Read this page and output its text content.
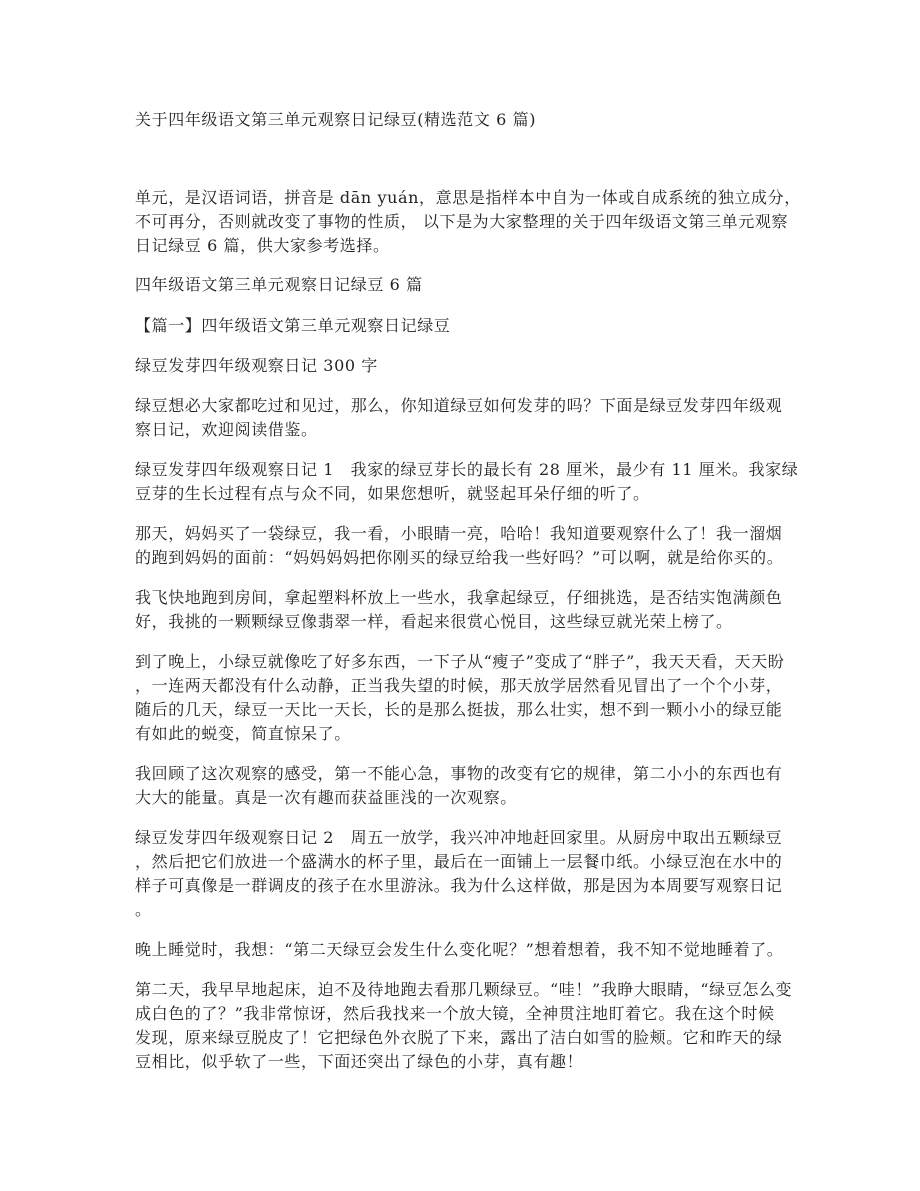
关于四年级语文第三单元观察日记绿豆(精选范文 6 篇)
单元，是汉语词语，拼音是 dān yuán，意思是指样本中自为一体或自成系统的独立成分，
不可再分，否则就改变了事物的性质， 以下是为大家整理的关于四年级语文第三单元观察
日记绿豆 6 篇，供大家参考选择。
四年级语文第三单元观察日记绿豆 6 篇
【篇一】四年级语文第三单元观察日记绿豆
绿豆发芽四年级观察日记 300 字
绿豆想必大家都吃过和见过，那么，你知道绿豆如何发芽的吗？下面是绿豆发芽四年级观
察日记，欢迎阅读借鉴。
绿豆发芽四年级观察日记 1　我家的绿豆芽长的最长有 28 厘米，最少有 11 厘米。我家绿
豆芽的生长过程有点与众不同，如果您想听，就竖起耳朵仔细的听了。
那天，妈妈买了一袋绿豆，我一看，小眼睛一亮，哈哈！我知道要观察什么了！我一溜烟
的跑到妈妈的面前：“妈妈妈妈把你刚买的绿豆给我一些好吗？”可以啊，就是给你买的。
我飞快地跑到房间，拿起塑料杯放上一些水，我拿起绿豆，仔细挑选，是否结实饱满颜色
好，我挑的一颗颗绿豆像翡翠一样，看起来很赏心悦目，这些绿豆就光荣上榜了。
到了晚上，小绿豆就像吃了好多东西，一下子从“瘦子”变成了“胖子”，我天天看，天天盼
，一连两天都没有什么动静，正当我失望的时候，那天放学居然看见冒出了一个个小芽，
随后的几天，绿豆一天比一天长，长的是那么挺拔，那么壮实，想不到一颗小小的绿豆能
有如此的蜕变，简直惊呆了。
我回顾了这次观察的感受，第一不能心急，事物的改变有它的规律，第二小小的东西也有
大大的能量。真是一次有趣而获益匪浅的一次观察。
绿豆发芽四年级观察日记 2　周五一放学，我兴冲冲地赶回家里。从厨房中取出五颗绿豆
，然后把它们放进一个盛满水的杯子里，最后在一面铺上一层餐巾纸。小绿豆泡在水中的
样子可真像是一群调皮的孩子在水里游泳。我为什么这样做，那是因为本周要写观察日记
。
晚上睡觉时，我想：“第二天绿豆会发生什么变化呢？”想着想着，我不知不觉地睡着了。
第二天，我早早地起床，迫不及待地跑去看那几颗绿豆。“哇！”我睁大眼睛，“绿豆怎么变
成白色的了？”我非常惊讶，然后我找来一个放大镜，全神贯注地盯着它。我在这个时候
发现，原来绿豆脱皮了！它把绿色外衣脱了下来，露出了洁白如雪的脸颊。它和昨天的绿
豆相比，似乎软了一些，下面还突出了绿色的小芽，真有趣！
